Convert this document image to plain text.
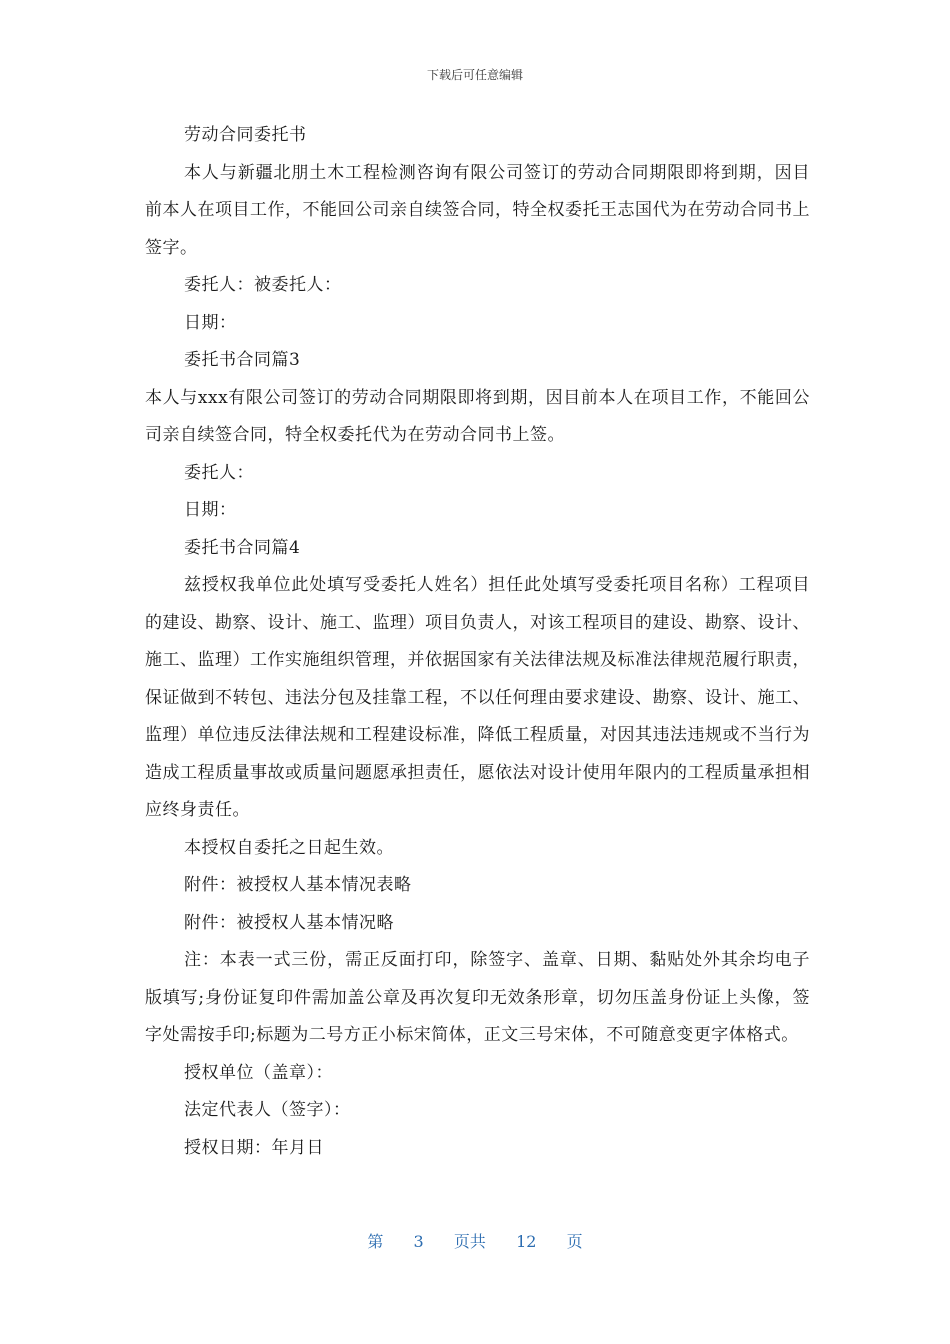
下载后可任意编辑

劳动合同委托书

本人与新疆北朋土木工程检测咨询有限公司签订的劳动合同期限即将到期，因目前本人在项目工作，不能回公司亲自续签合同，特全权委托王志国代为在劳动合同书上签字。

委托人：被委托人：

日期：

委托书合同篇3

本人与xxx有限公司签订的劳动合同期限即将到期，因目前本人在项目工作，不能回公司亲自续签合同，特全权委托代为在劳动合同书上签。

委托人：

日期：

委托书合同篇4

兹授权我单位此处填写受委托人姓名）担任此处填写受委托项目名称）工程项目的建设、勘察、设计、施工、监理）项目负责人，对该工程项目的建设、勘察、设计、施工、监理）工作实施组织管理，并依据国家有关法律法规及标准法律规范履行职责，保证做到不转包、违法分包及挂靠工程，不以任何理由要求建设、勘察、设计、施工、监理）单位违反法律法规和工程建设标准，降低工程质量，对因其违法违规或不当行为造成工程质量事故或质量问题愿承担责任，愿依法对设计使用年限内的工程质量承担相应终身责任。

本授权自委托之日起生效。

附件：被授权人基本情况表略

附件：被授权人基本情况略

注：本表一式三份，需正反面打印，除签字、盖章、日期、黏贴处外其余均电子版填写;身份证复印件需加盖公章及再次复印无效条形章，切勿压盖身份证上头像，签字处需按手印;标题为二号方正小标宋简体，正文三号宋体，不可随意变更字体格式。

授权单位（盖章）：

法定代表人（签字）：

授权日期：年月日

第 3 页共 12 页
